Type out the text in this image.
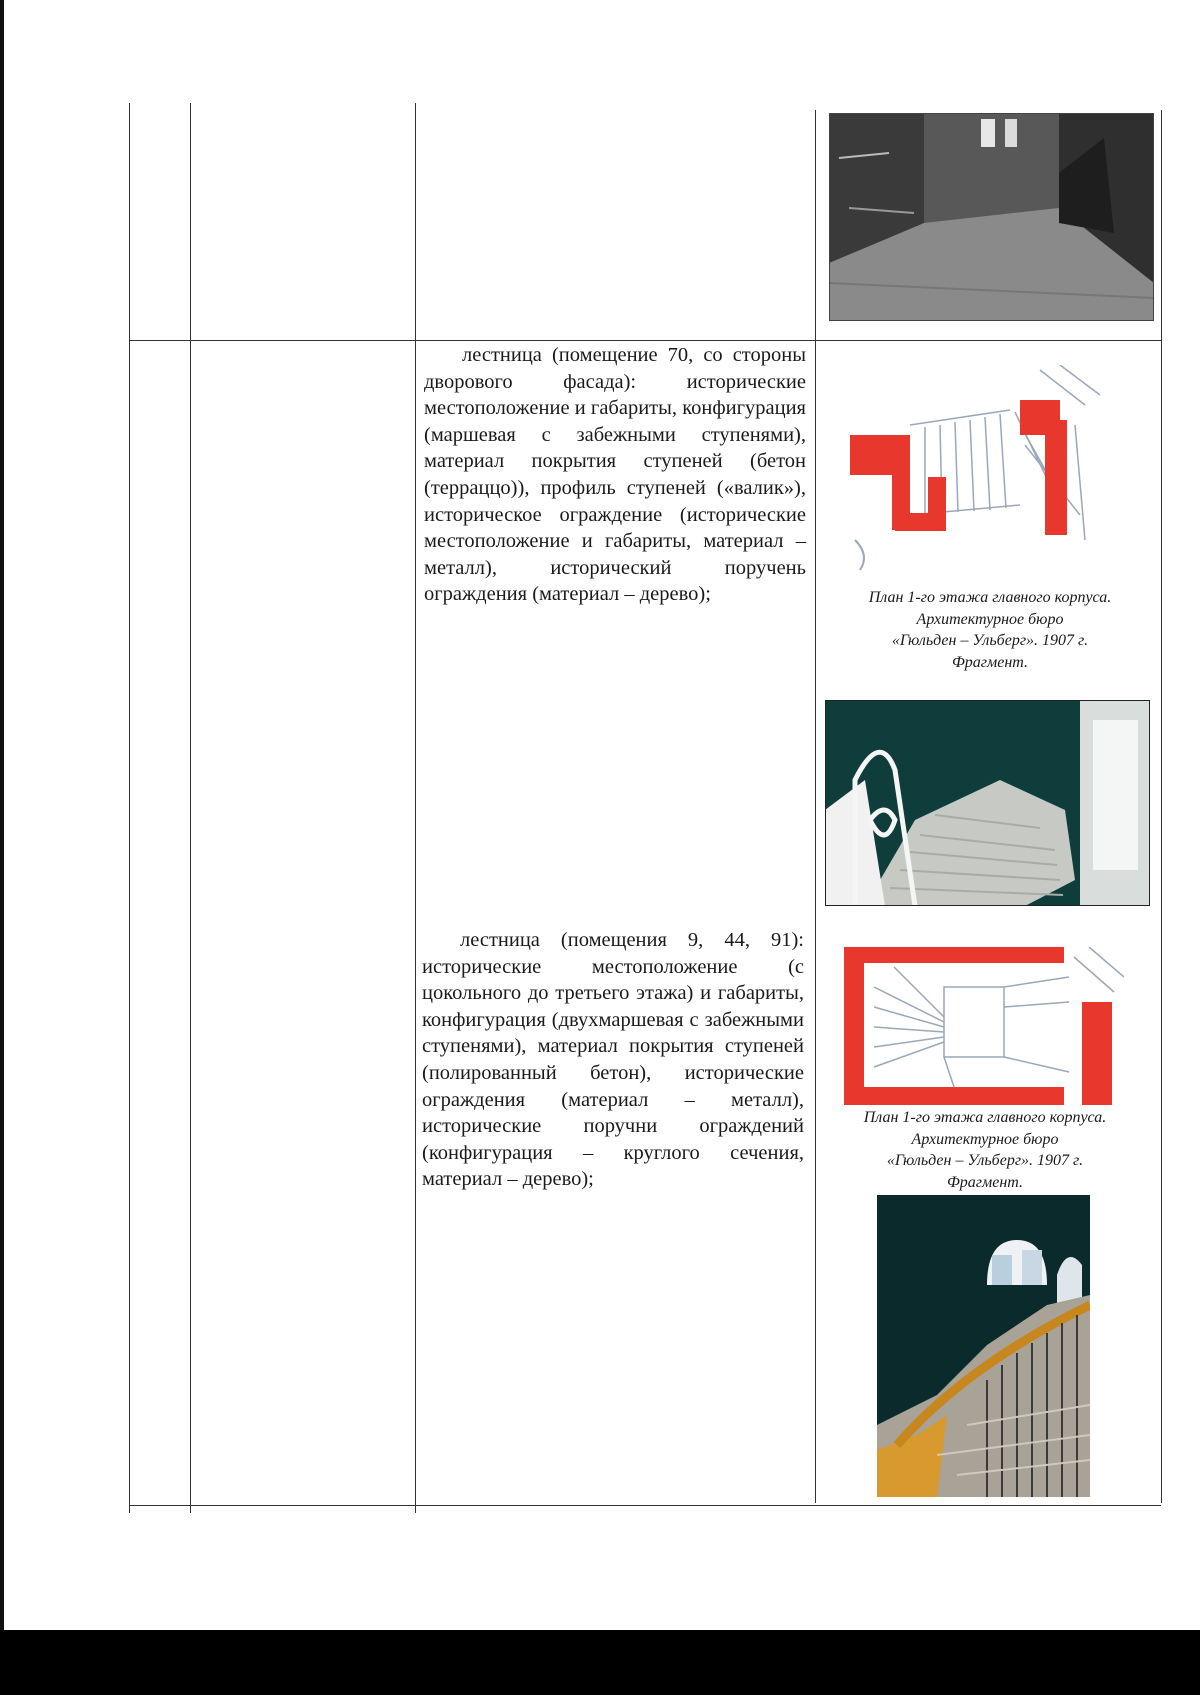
лестница (помещение 70, со стороны дворового фасада): исторические местоположение и габариты, конфигурация (маршевая с забежными ступенями), материал покрытия ступеней (бетон (терраццо)), профиль ступеней («валик»), историческое ограждение (исторические местоположение и габариты, материал – металл), исторический поручень ограждения (материал – дерево);	План 1-го этажа главного корпуса.
Архитектурное бюро
«Гюльден – Ульберг». 1907 г.
Фрагмент.

лестница (помещения 9, 44, 91): исторические местоположение (с цокольного до третьего этажа) и габариты, конфигурация (двухмаршевая с забежными ступенями), материал покрытия ступеней (полированный бетон), исторические ограждения (материал – металл), исторические поручни ограждений (конфигурация – круглого сечения, материал – дерево);

План 1-го этажа главного корпуса.
Архитектурное бюро
«Гюльден – Ульберг». 1907 г.
Фрагмент.
